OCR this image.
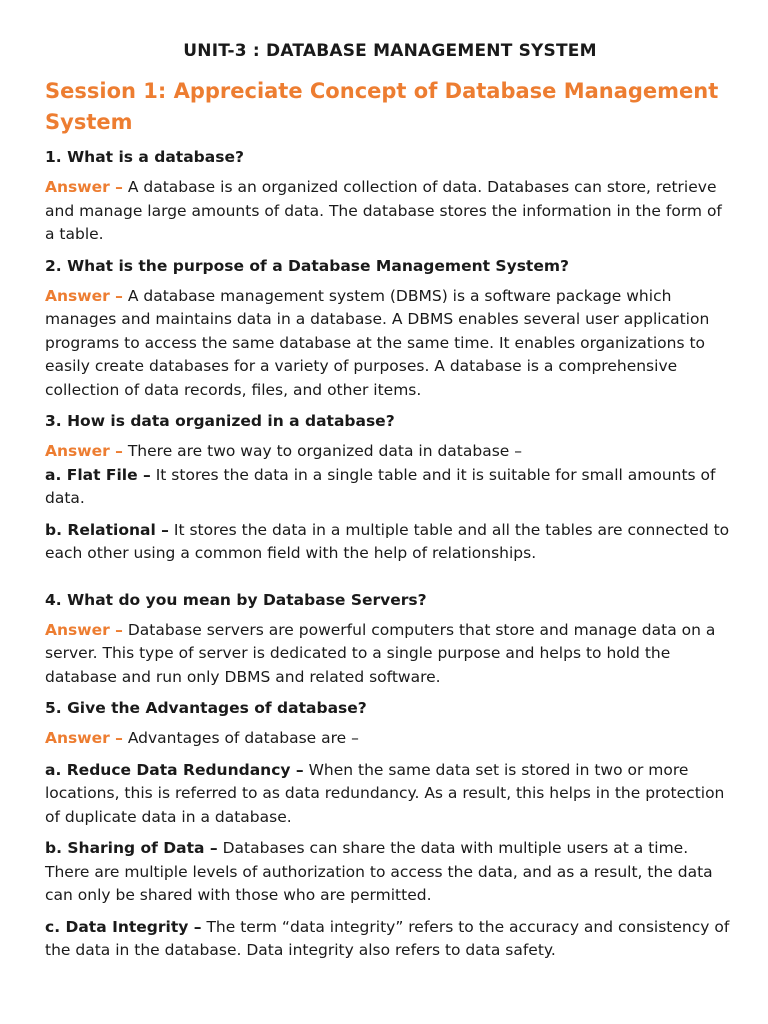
UNIT-3 : DATABASE MANAGEMENT SYSTEM
Session 1: Appreciate Concept of Database Management System
1. What is a database?
Answer – A database is an organized collection of data. Databases can store, retrieve and manage large amounts of data. The database stores the information in the form of a table.
2. What is the purpose of a Database Management System?
Answer – A database management system (DBMS) is a software package which manages and maintains data in a database. A DBMS enables several user application programs to access the same database at the same time. It enables organizations to easily create databases for a variety of purposes. A database is a comprehensive collection of data records, files, and other items.
3. How is data organized in a database?
Answer – There are two way to organized data in database –
a. Flat File – It stores the data in a single table and it is suitable for small amounts of data.
b. Relational – It stores the data in a multiple table and all the tables are connected to each other using a common field with the help of relationships.
4. What do you mean by Database Servers?
Answer – Database servers are powerful computers that store and manage data on a server. This type of server is dedicated to a single purpose and helps to hold the database and run only DBMS and related software.
5. Give the Advantages of database?
Answer – Advantages of database are –
a. Reduce Data Redundancy – When the same data set is stored in two or more locations, this is referred to as data redundancy. As a result, this helps in the protection of duplicate data in a database.
b. Sharing of Data – Databases can share the data with multiple users at a time. There are multiple levels of authorization to access the data, and as a result, the data can only be shared with those who are permitted.
c. Data Integrity – The term “data integrity” refers to the accuracy and consistency of the data in the database. Data integrity also refers to data safety.
